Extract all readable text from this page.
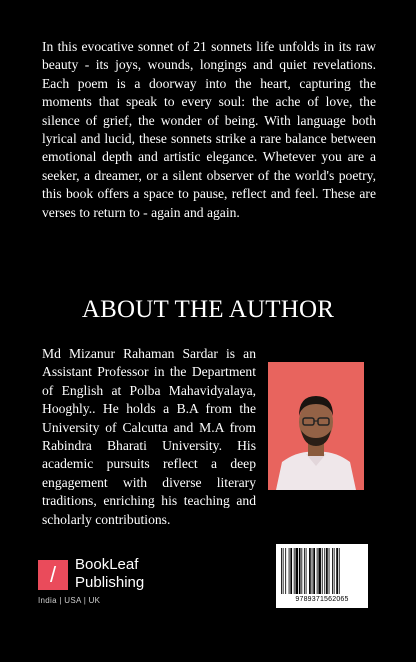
In this evocative sonnet of 21 sonnets life unfolds in its raw beauty - its joys, wounds, longings and quiet revelations. Each poem is a doorway into the heart, capturing the moments that speak to every soul: the ache of love, the silence of grief, the wonder of being. With language both lyrical and lucid, these sonnets strike a rare balance between emotional depth and artistic elegance. Whetever you are a seeker, a dreamer, or a silent observer of the world's poetry, this book offers a space to pause, reflect and feel. These are verses to return to - again and again.

ABOUT THE AUTHOR

Md Mizanur Rahaman Sardar is an Assistant Professor in the Department of English at Polba Mahavidyalaya, Hooghly.. He holds a B.A from the University of Calcutta and M.A from Rabindra Bharati University. His academic pursuits reflect a deep engagement with diverse literary traditions, enriching his teaching and scholarly contributions.

/	BookLeaf
Publishing
India | USA | UK	9789371562065
